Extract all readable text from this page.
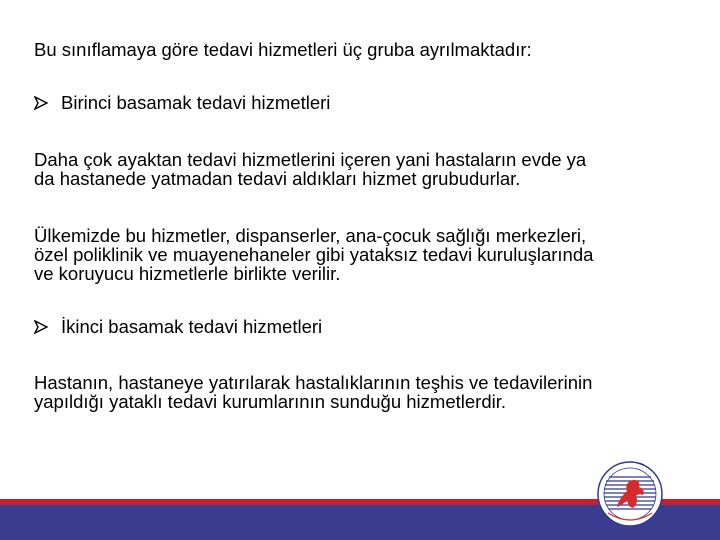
Bu sınıflamaya göre tedavi hizmetleri üç gruba ayrılmaktadır:
Birinci basamak tedavi hizmetleri
Daha çok ayaktan tedavi hizmetlerini içeren yani hastaların evde ya
da hastanede yatmadan tedavi aldıkları hizmet grubudurlar.
Ülkemizde bu hizmetler, dispanserler, ana-çocuk sağlığı merkezleri,
özel poliklinik ve muayenehaneler gibi yataksız tedavi kuruluşlarında
ve koruyucu hizmetlerle birlikte verilir.
İkinci basamak tedavi hizmetleri
Hastanın, hastaneye yatırılarak hastalıklarının teşhis ve tedavilerinin
yapıldığı yataklı tedavi kurumlarının sunduğu hizmetlerdir.
